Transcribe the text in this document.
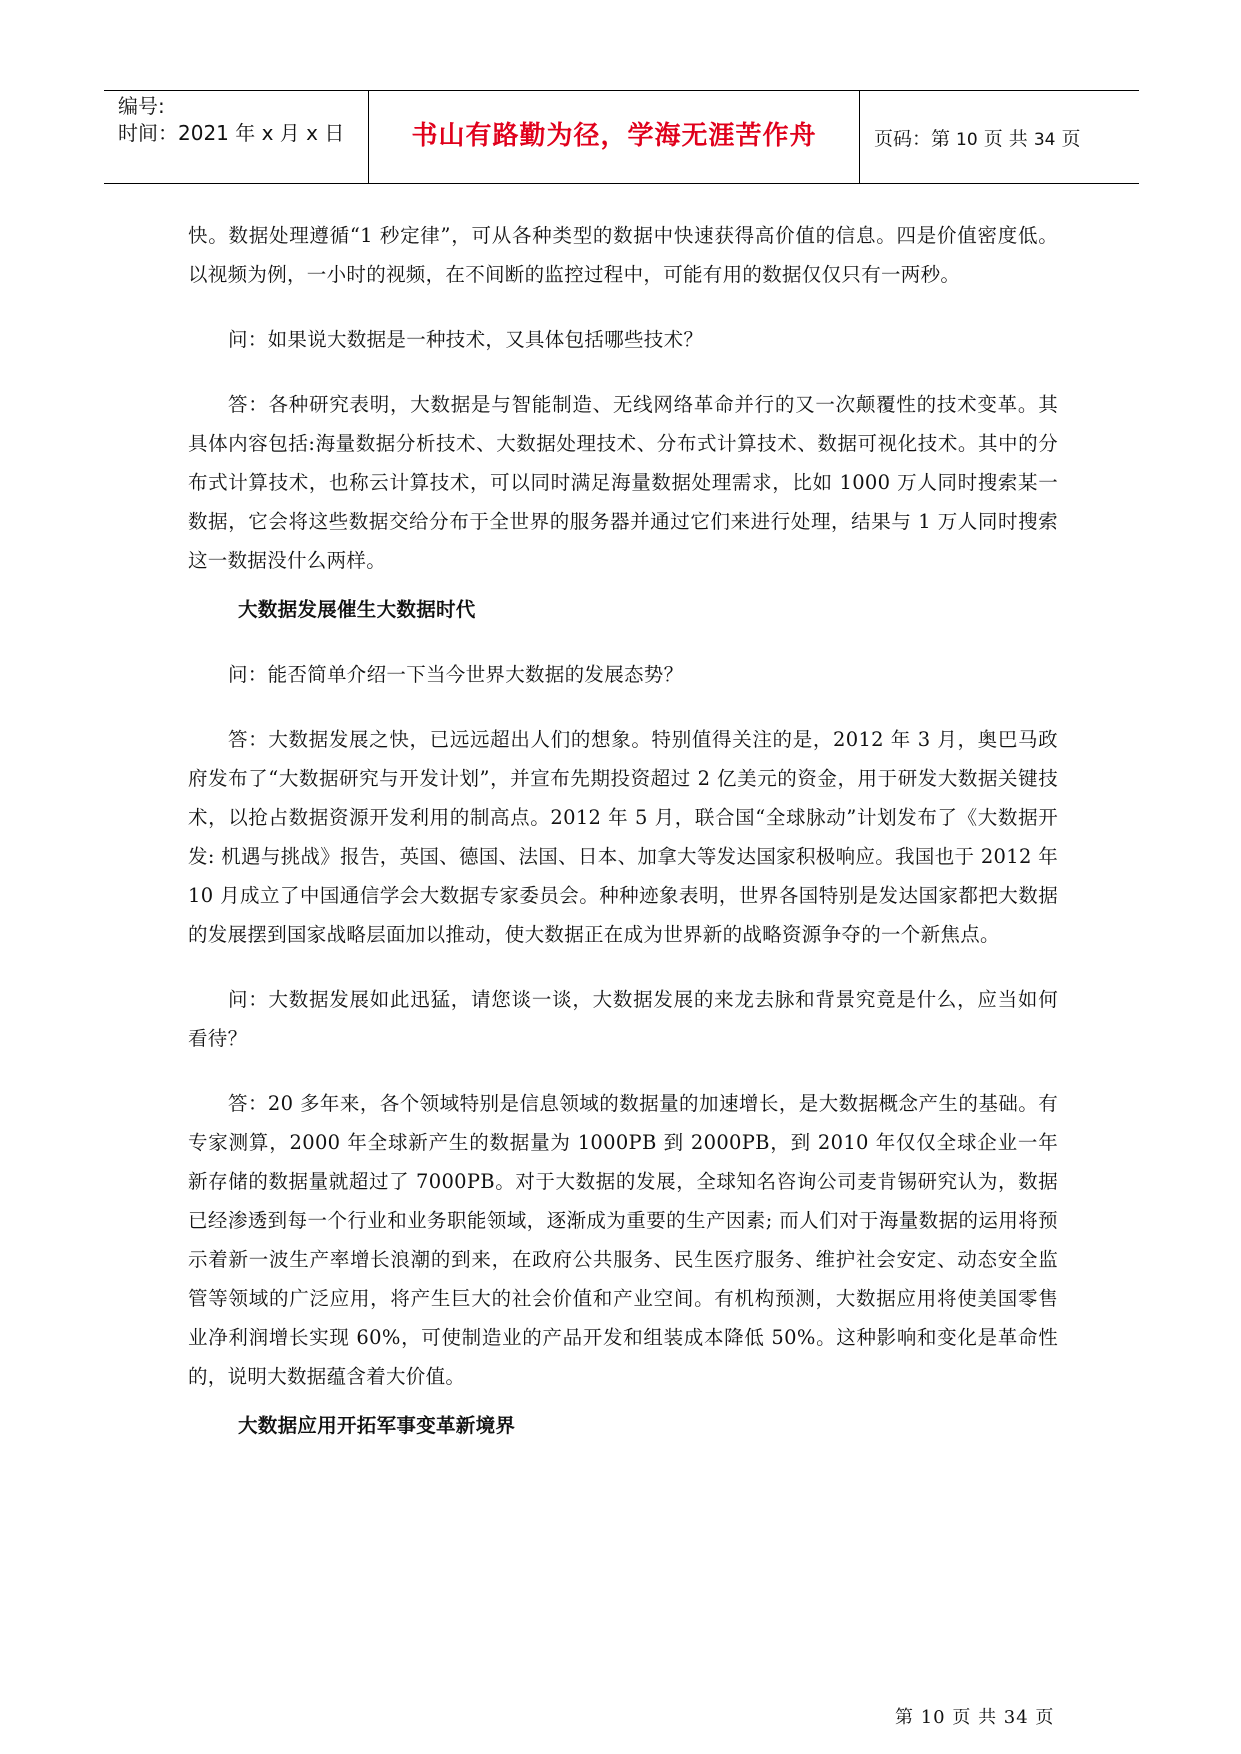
编号:
时间：2021 年 x 月 x 日	书山有路勤为径，学海无涯苦作舟	页码：第 10 页 共 34 页

快。数据处理遵循“1 秒定律”，可从各种类型的数据中快速获得高价值的信息。四是价值密度低。以视频为例，一小时的视频，在不间断的监控过程中，可能有用的数据仅仅只有一两秒。

问：如果说大数据是一种技术，又具体包括哪些技术？

答：各种研究表明，大数据是与智能制造、无线网络革命并行的又一次颠覆性的技术变革。其具体内容包括:海量数据分析技术、大数据处理技术、分布式计算技术、数据可视化技术。其中的分布式计算技术，也称云计算技术，可以同时满足海量数据处理需求，比如 1000 万人同时搜索某一数据，它会将这些数据交给分布于全世界的服务器并通过它们来进行处理，结果与 1 万人同时搜索这一数据没什么两样。

大数据发展催生大数据时代

问：能否简单介绍一下当今世界大数据的发展态势？

答：大数据发展之快，已远远超出人们的想象。特别值得关注的是，2012 年 3 月，奥巴马政府发布了“大数据研究与开发计划”，并宣布先期投资超过 2 亿美元的资金，用于研发大数据关键技术，以抢占数据资源开发利用的制高点。2012 年 5 月，联合国“全球脉动”计划发布了《大数据开发: 机遇与挑战》报告，英国、德国、法国、日本、加拿大等发达国家积极响应。我国也于 2012 年 10 月成立了中国通信学会大数据专家委员会。种种迹象表明，世界各国特别是发达国家都把大数据的发展摆到国家战略层面加以推动，使大数据正在成为世界新的战略资源争夺的一个新焦点。

问：大数据发展如此迅猛，请您谈一谈，大数据发展的来龙去脉和背景究竟是什么，应当如何看待？

答：20 多年来，各个领域特别是信息领域的数据量的加速增长，是大数据概念产生的基础。有专家测算，2000 年全球新产生的数据量为 1000PB 到 2000PB，到 2010 年仅仅全球企业一年新存储的数据量就超过了 7000PB。对于大数据的发展，全球知名咨询公司麦肯锡研究认为，数据已经渗透到每一个行业和业务职能领域，逐渐成为重要的生产因素; 而人们对于海量数据的运用将预示着新一波生产率增长浪潮的到来，在政府公共服务、民生医疗服务、维护社会安定、动态安全监管等领域的广泛应用，将产生巨大的社会价值和产业空间。有机构预测，大数据应用将使美国零售业净利润增长实现 60%，可使制造业的产品开发和组装成本降低 50%。这种影响和变化是革命性的，说明大数据蕴含着大价值。

大数据应用开拓军事变革新境界

第 10 页 共 34 页
